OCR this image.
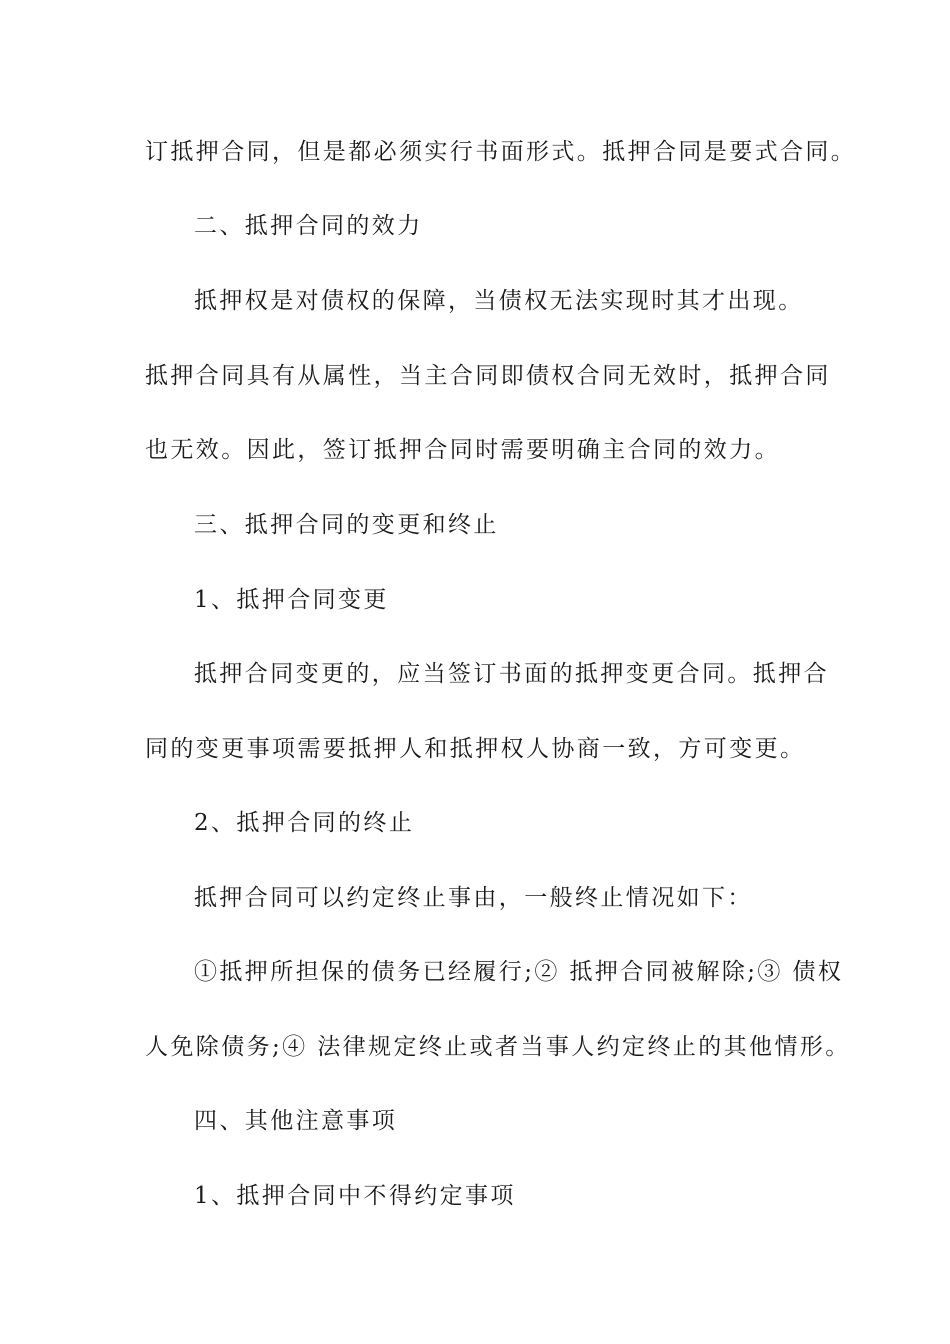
订抵押合同，但是都必须实行书面形式。抵押合同是要式合同。
二、抵押合同的效力
抵押权是对债权的保障，当债权无法实现时其才出现。
抵押合同具有从属性，当主合同即债权合同无效时，抵押合同
也无效。因此，签订抵押合同时需要明确主合同的效力。
三、抵押合同的变更和终止
1、抵押合同变更
抵押合同变更的，应当签订书面的抵押变更合同。抵押合
同的变更事项需要抵押人和抵押权人协商一致，方可变更。
2、抵押合同的终止
抵押合同可以约定终止事由，一般终止情况如下：
①抵押所担保的债务已经履行;② 抵押合同被解除;③ 债权
人免除债务;④ 法律规定终止或者当事人约定终止的其他情形。
四、其他注意事项
1、抵押合同中不得约定事项
